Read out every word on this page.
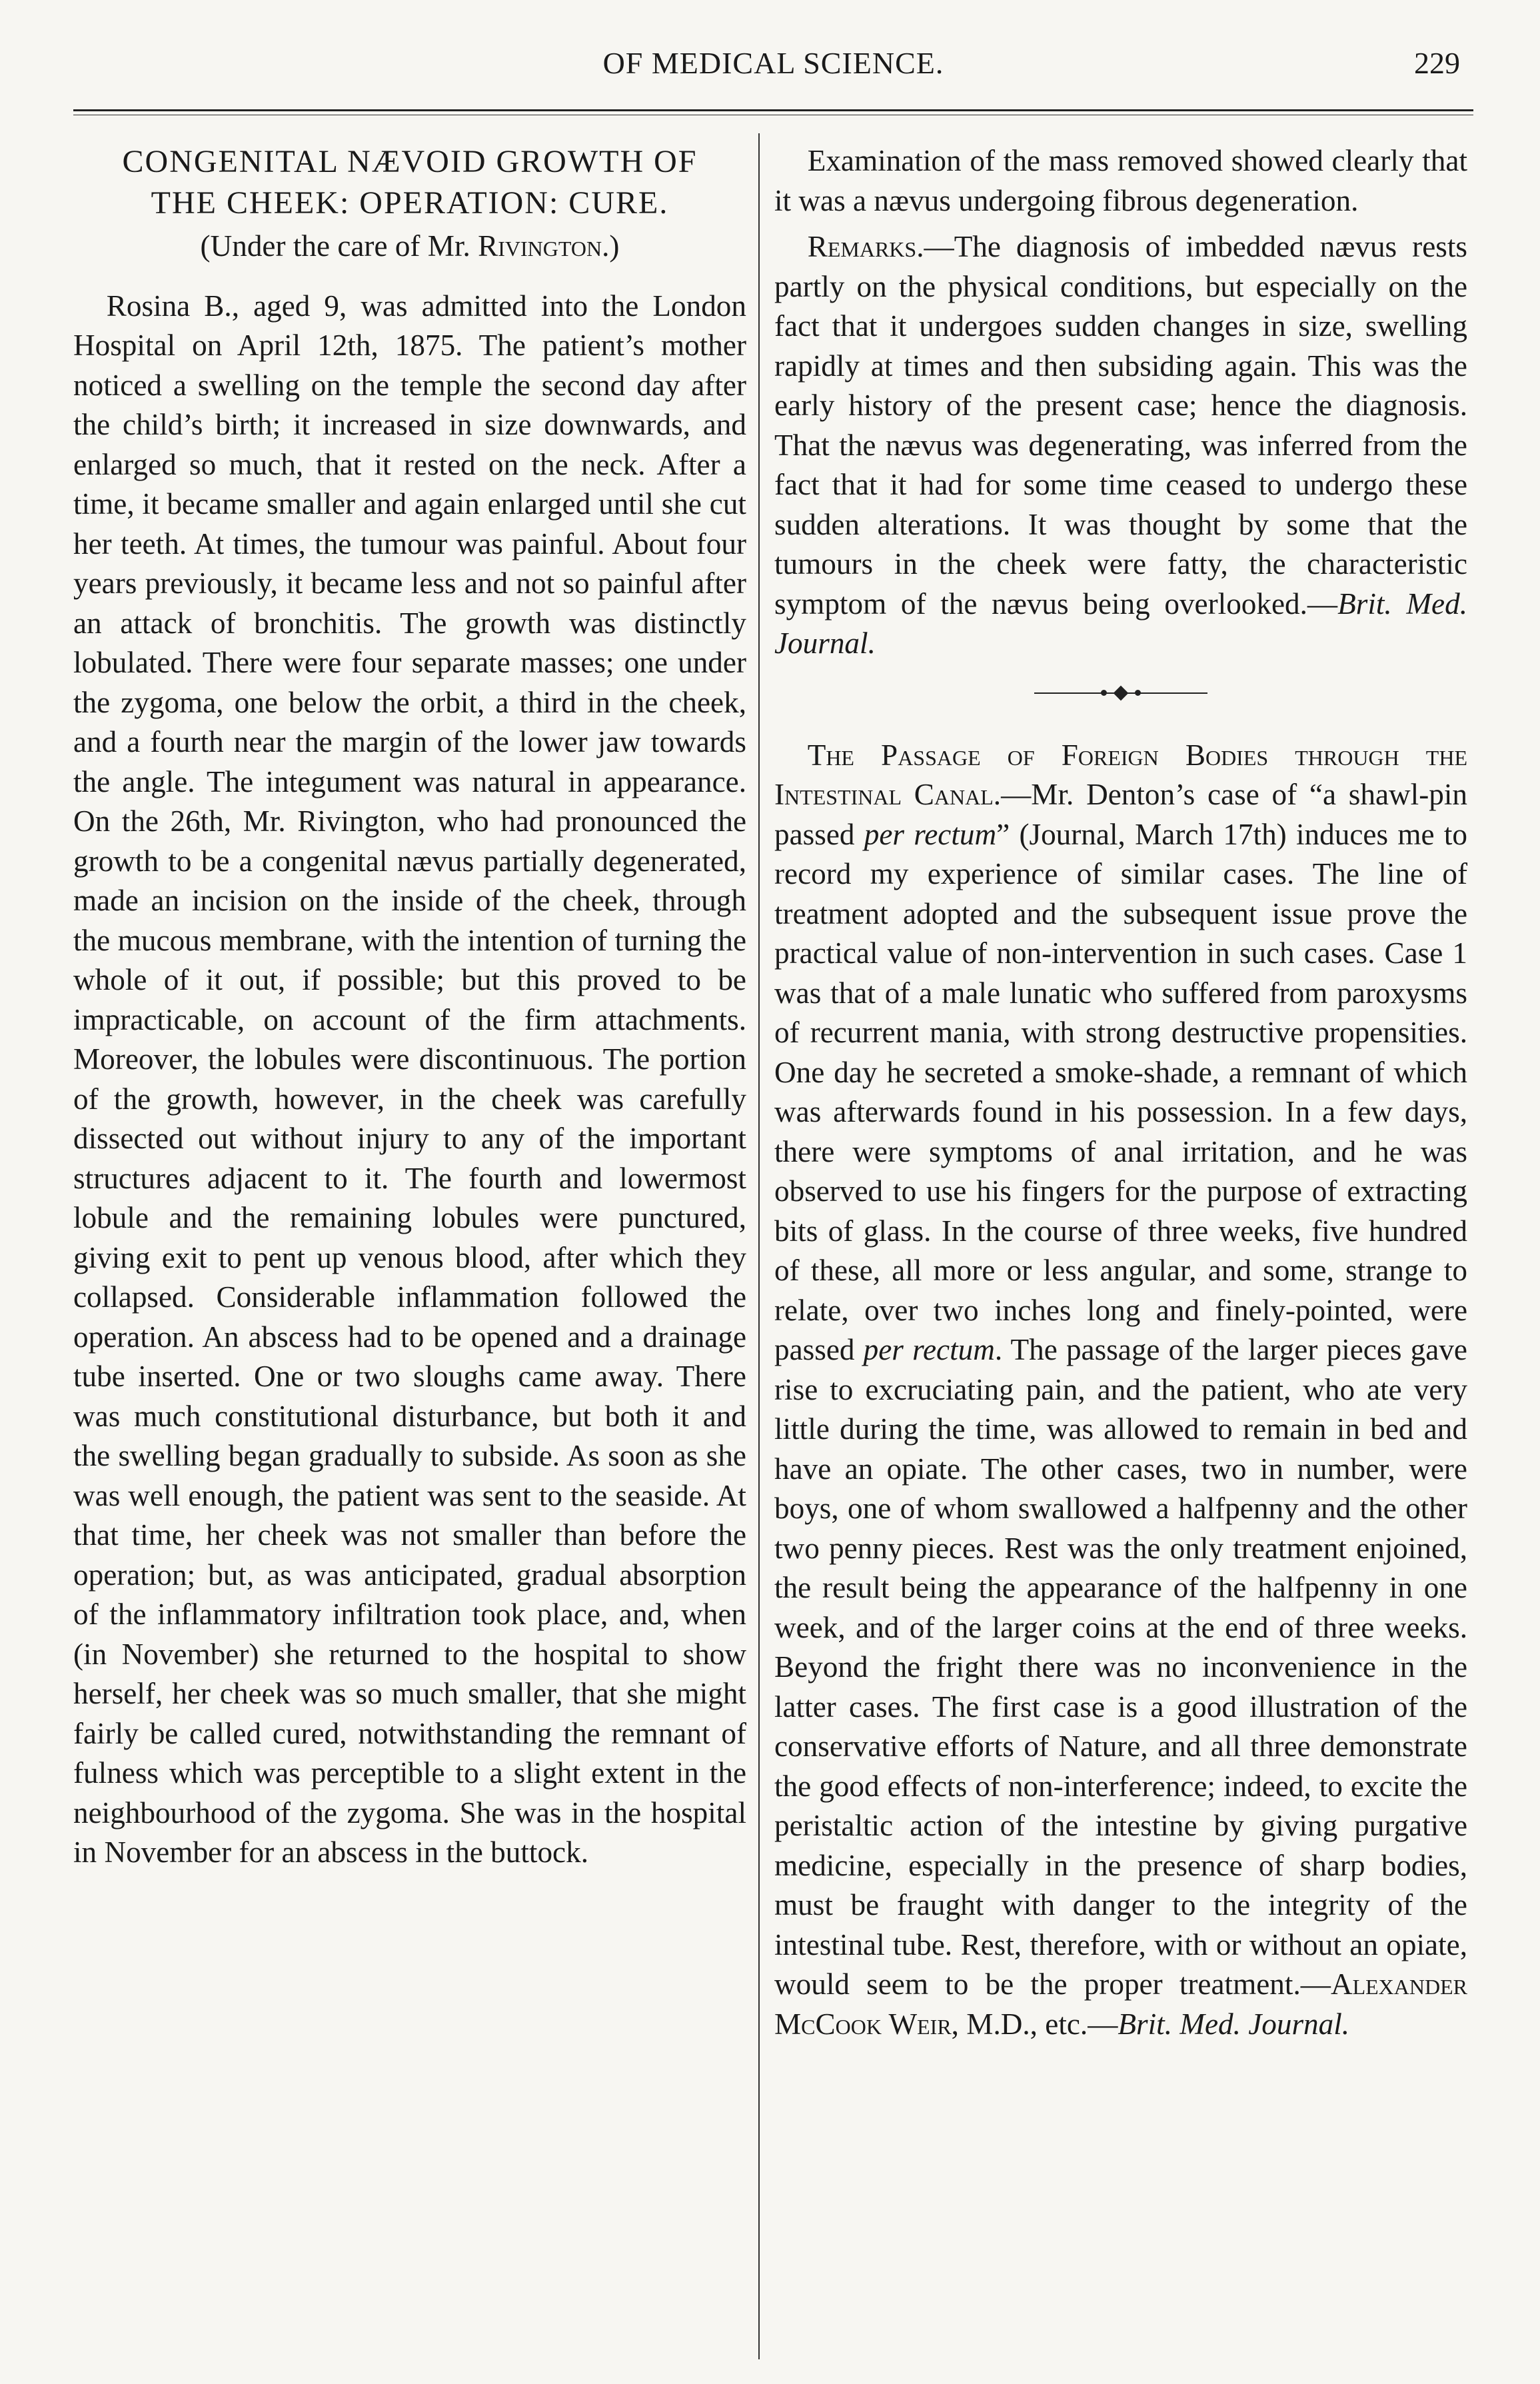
OF MEDICAL SCIENCE.	229
CONGENITAL NÆVOID GROWTH OF
THE CHEEK: OPERATION: CURE.

(Under the care of Mr. Rivington.)

Rosina B., aged 9, was admitted into the London Hospital on April 12th, 1875. The patient’s mother noticed a swelling on the temple the second day after the child’s birth; it increased in size downwards, and enlarged so much, that it rested on the neck. After a time, it became smaller and again enlarged until she cut her teeth. At times, the tumour was painful. About four years previously, it became less and not so painful after an attack of bronchitis. The growth was distinctly lobulated. There were four separate masses; one under the zygoma, one below the orbit, a third in the cheek, and a fourth near the margin of the lower jaw towards the angle. The integument was natural in appearance. On the 26th, Mr. Rivington, who had pronounced the growth to be a congenital nævus partially degenerated, made an incision on the inside of the cheek, through the mucous membrane, with the intention of turning the whole of it out, if possible; but this proved to be impracticable, on account of the firm attachments. Moreover, the lobules were discontinuous. The portion of the growth, however, in the cheek was carefully dissected out without injury to any of the important structures adjacent to it. The fourth and lowermost lobule and the remaining lobules were punctured, giving exit to pent up venous blood, after which they collapsed. Considerable inflammation followed the operation. An abscess had to be opened and a drainage tube inserted. One or two sloughs came away. There was much constitutional disturbance, but both it and the swelling began gradually to subside. As soon as she was well enough, the patient was sent to the seaside. At that time, her cheek was not smaller than before the operation; but, as was anticipated, gradual absorption of the inflammatory infiltration took place, and, when (in November) she returned to the hospital to show herself, her cheek was so much smaller, that she might fairly be called cured, notwithstanding the remnant of fulness which was perceptible to a slight extent in the neighbourhood of the zygoma. She was in the hospital in November for an abscess in the buttock.

Examination of the mass removed showed clearly that it was a nævus undergoing fibrous degeneration.

Remarks.—The diagnosis of imbedded nævus rests partly on the physical conditions, but especially on the fact that it undergoes sudden changes in size, swelling rapidly at times and then subsiding again. This was the early history of the present case; hence the diagnosis. That the nævus was degenerating, was inferred from the fact that it had for some time ceased to undergo these sudden alterations. It was thought by some that the tumours in the cheek were fatty, the characteristic symptom of the nævus being overlooked.—Brit. Med. Journal.

The Passage of Foreign Bodies through the Intestinal Canal.—Mr. Denton’s case of “a shawl-pin passed per rectum” (Journal, March 17th) induces me to record my experience of similar cases. The line of treatment adopted and the subsequent issue prove the practical value of non-intervention in such cases. Case 1 was that of a male lunatic who suffered from paroxysms of recurrent mania, with strong destructive propensities. One day he secreted a smoke-shade, a remnant of which was afterwards found in his possession. In a few days, there were symptoms of anal irritation, and he was observed to use his fingers for the purpose of extracting bits of glass. In the course of three weeks, five hundred of these, all more or less angular, and some, strange to relate, over two inches long and finely-pointed, were passed per rectum. The passage of the larger pieces gave rise to excruciating pain, and the patient, who ate very little during the time, was allowed to remain in bed and have an opiate. The other cases, two in number, were boys, one of whom swallowed a halfpenny and the other two penny pieces. Rest was the only treatment enjoined, the result being the appearance of the halfpenny in one week, and of the larger coins at the end of three weeks. Beyond the fright there was no inconvenience in the latter cases. The first case is a good illustration of the conservative efforts of Nature, and all three demonstrate the good effects of non-interference; indeed, to excite the peristaltic action of the intestine by giving purgative medicine, especially in the presence of sharp bodies, must be fraught with danger to the integrity of the intestinal tube. Rest, therefore, with or without an opiate, would seem to be the proper treatment.—Alexander McCook Weir, M.D., etc.—Brit. Med. Journal.
